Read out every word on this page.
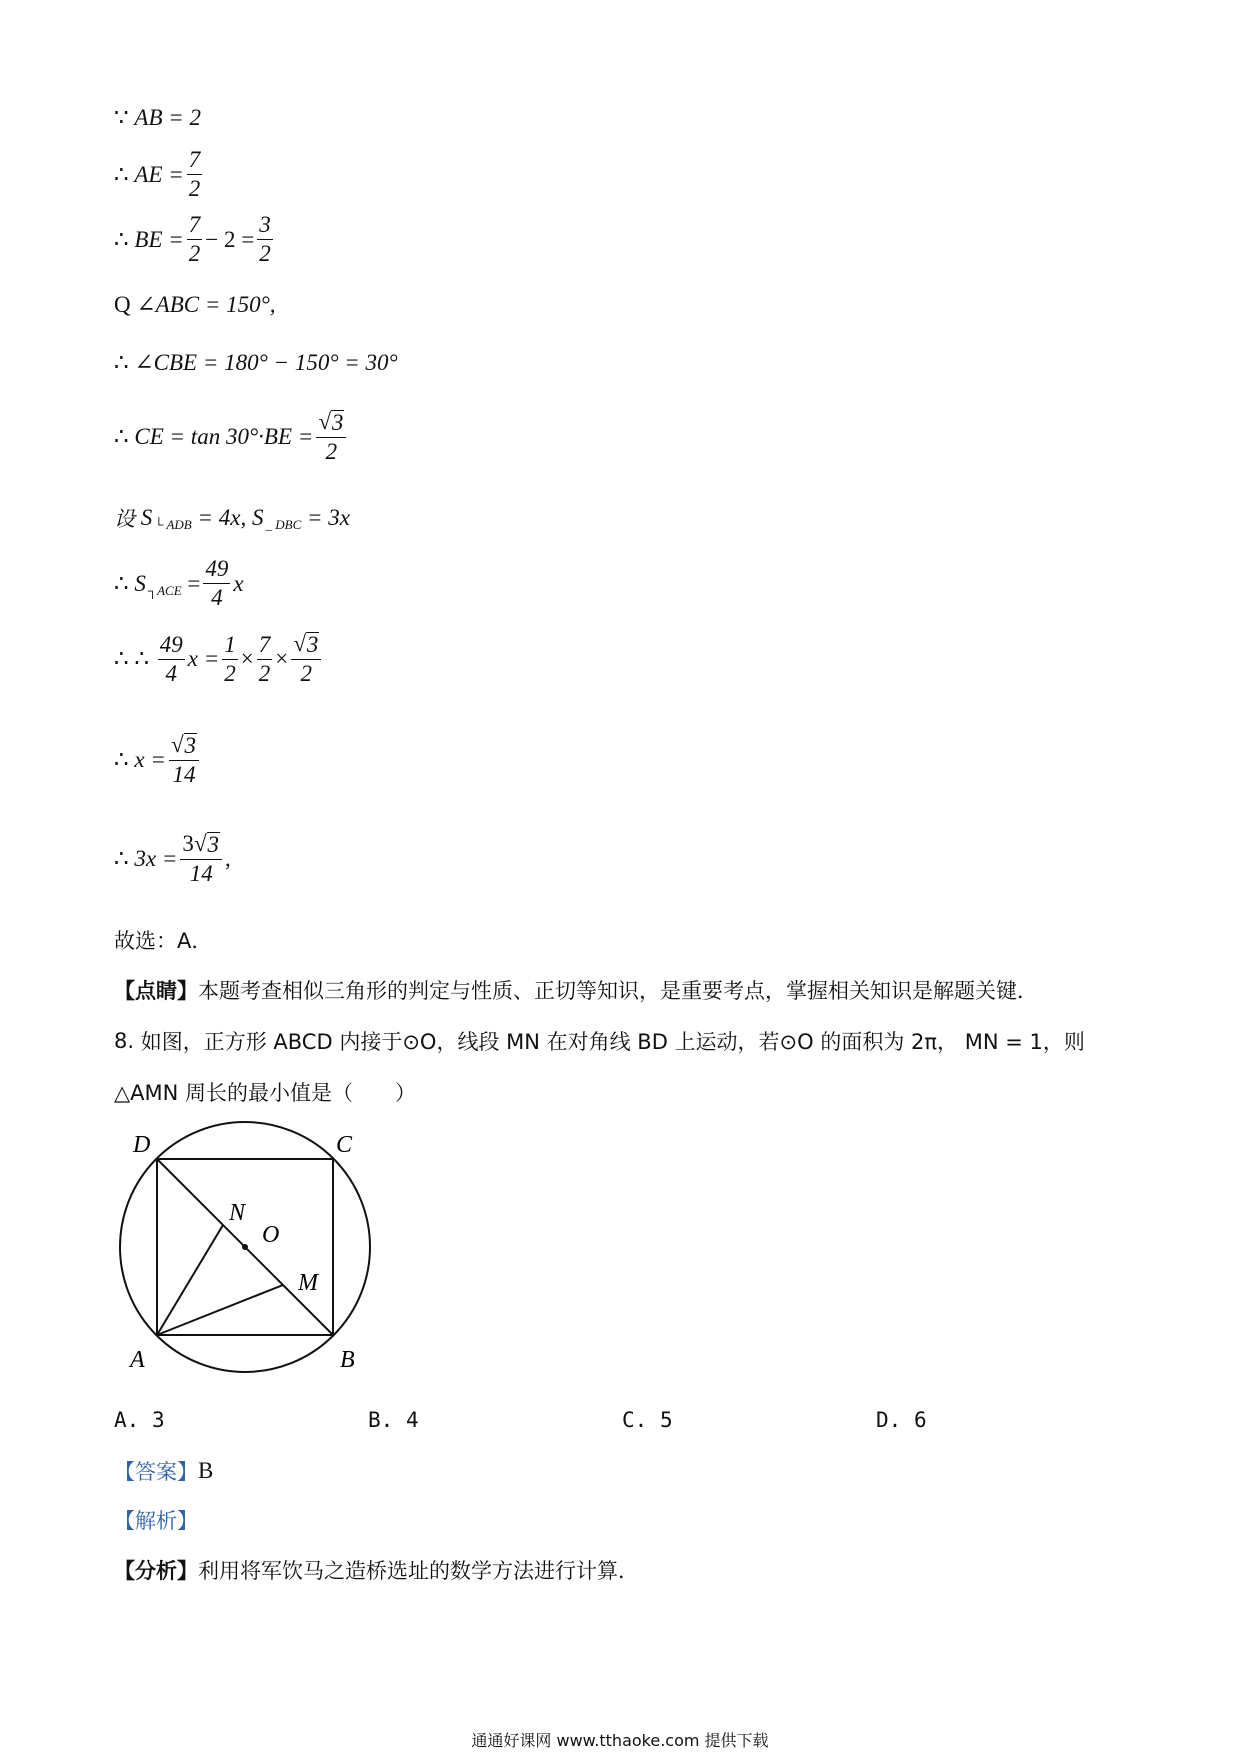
∵
AB = 2
∴
AE = $\frac{7}{2}$
∴
BE = $\frac{7}{2} - 2 = \frac{3}{2}$
Q
∠ABC = 150°,
∴
∠CBE = 180° − 150° = 30°
∴
CE = $\tan 30^\circ\cdot BE = \frac{√ 3}{2}$
设
S └ ADB
= 4x, S _ DBC
= 3x
∴
S ┐ACE
= $\frac{49}{4}$ x
∴ ∴
$\frac{49}{4}$ $x = \frac{1}{2} \times \frac{7}{2} \times \frac{√ 3}{2}$
∴
$x = \frac{√ 3}{14}$
∴
$3x = \frac{3 √ 3}{14}$ ,
故选：A．
【点睛】 本题考查相似三角形的判定与性质、正切等知识，是重要考点，掌握相关知识是解题关键．
8.
如图，正方形 ABCD 内接于⊙O，线段 MN 在对角线 BD 上运动，若⊙O 的面积为 2π， MN = 1，则
△AMN 周长的最小值是（　　）
D	C
N
O
M
A	B
A. 3	B. 4	C. 5	D. 6
【答案】 B
【解析】
【分析】 利用将军饮马之造桥选址的数学方法进行计算．
通通好课网 www.tthaoke.com 提供下载
